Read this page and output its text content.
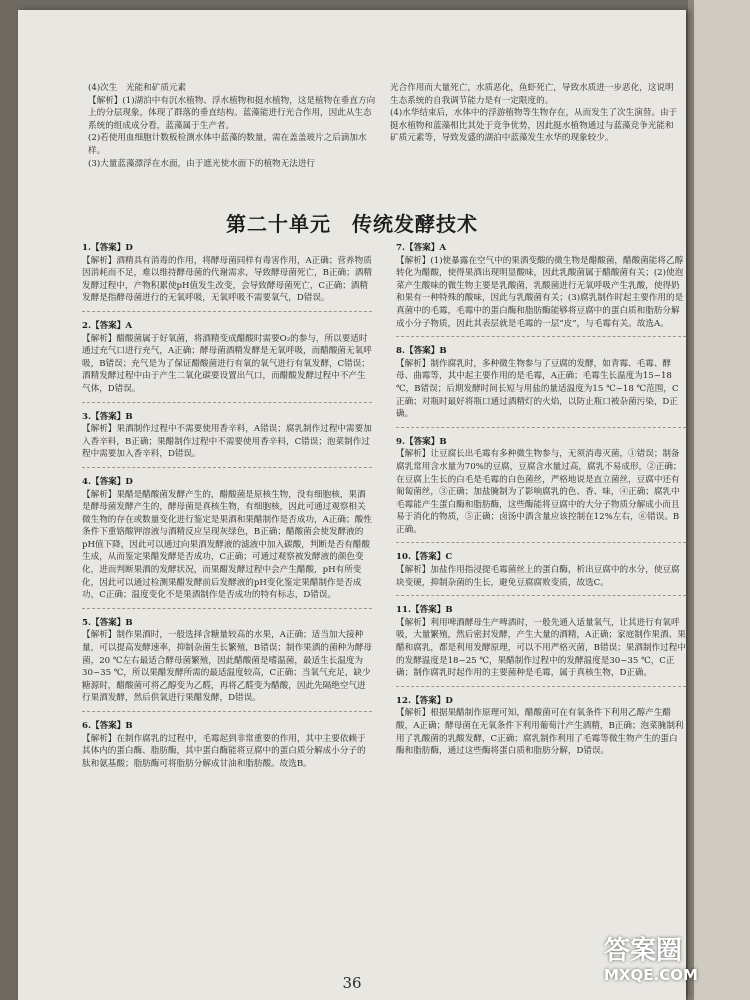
(4)次生　光能和矿质元素
【解析】(1)湖泊中有沉水植物、浮水植物和挺水植物，这是植物在垂直方向上的分层现象，体现了群落的垂直结构。蓝藻能进行光合作用，因此从生态系统的组成成分看，蓝藻属于生产者。
(2)若使用血细胞计数板检测水体中蓝藻的数量，需在盖盖玻片之后滴加水样。
(3)大量蓝藻漂浮在水面，由于遮光使水面下的植物无法进行
光合作用而大量死亡，水质恶化，鱼虾死亡，导致水质进一步恶化，这说明生态系统的自我调节能力是有一定限度的。
(4)水华结束后，水体中的浮游植物等生物存在，从而发生了次生演替。由于挺水植物和蓝藻相比其处于竞争优势，因此挺水植物通过与蓝藻竞争光能和矿质元素等，导致发盛的湖泊中蓝藻发生水华的现象较少。
第二十单元　传统发酵技术
1.【答案】D
【解析】酒精具有消毒的作用，将酵母菌同样有毒害作用，A正确；营养物质因消耗而不足，难以维持酵母菌的代谢需求，导致酵母菌死亡，B正确；酒精发酵过程中，产物积累使pH值发生改变，会导致酵母菌死亡，C正确；酒精发酵是指酵母菌进行的无氧呼吸，无氧呼吸不需要氧气，D错误。
2.【答案】A
【解析】醋酸菌属于好氧菌，将酒精变成醋酸时需要O₂的参与，所以要适时通过充气口进行充气，A正确；酵母菌酒精发酵是无氧呼吸，而醋酸菌无氧呼吸，B错误；充气是为了保证醋酸菌进行有氧的氧气进行有氧发酵，C错误；酒精发酵过程中由于产生二氧化碳要设置出气口，而醋酸发酵过程中不产生气体，D错误。
3.【答案】B
【解析】果酒制作过程中不需要使用香辛料，A错误；腐乳制作过程中需要加入香辛料，B正确；果醋制作过程中不需要使用香辛料，C错误；泡菜制作过程中需要加入香辛料，D错误。
4.【答案】D
【解析】果醋是醋酸菌发酵产生的，醋酸菌是原核生物，没有细胞核，果酒是酵母菌发酵产生的，酵母菌是真核生物，有细胞核，因此可通过观察相关微生物的存在或数量变化进行鉴定是果酒和果醋制作是否成功，A正确；酸性条件下重铬酸钾溶液与酒精反应呈现灰绿色，B正确；醋酸菌会使发酵液的pH值下降，因此可以通过向果酒发酵液的滤液中加入碳酸，判断是否有醋酸生成，从而鉴定果醋发酵是否成功，C正确；可通过观察被发酵液的颜色变化，进而判断果酒的发酵状况，而果醋发酵过程中会产生醋酸，pH有所变化，因此可以通过检测果醋发酵前后发酵液的pH变化鉴定果醋制作是否成功，C正确；温度变化不是果酒制作是否成功的特有标志，D错误。
5.【答案】B
【解析】制作果酒时，一般选择含糖量较高的水果，A正确；适当加大接种量，可以提高发酵速率，抑制杂菌生长繁殖，B错误；制作果酒的菌种为酵母菌，20 ℃左右最适合酵母菌繁殖，因此醋酸菌是嗜温菌，最适生长温度为30~35 ℃，所以果醋发酵所需的最适温度较高，C正确；当氧气充足，缺少糖源时，醋酸菌可将乙醇变为乙醛，再将乙醛变为醋酸，因此先隔绝空气进行果酒发酵，然后供氧进行果醋发酵，D错误。
6.【答案】B
【解析】在制作腐乳的过程中，毛霉起到非常重要的作用，其中主要依赖于其体内的蛋白酶、脂肪酶，其中蛋白酶能将豆腐中的蛋白质分解成小分子的肽和氨基酸；脂肪酶可将脂肪分解成甘油和脂肪酸。故选B。
7.【答案】A
【解析】(1)使暴露在空气中的果酒变酸的微生物是醋酸菌，醋酸菌能将乙醇转化为醋酸，使得果酒出现明显酸味，因此乳酸菌属于醋酸菌有关；(2)使泡菜产生酸味的微生物主要是乳酸菌，乳酸菌进行无氧呼吸产生乳酸，使得奶和果有一种特殊的酸味，因此与乳酸菌有关；(3)腐乳制作时起主要作用的是真菌中的毛霉，毛霉中的蛋白酶和脂肪酶能够将豆腐中的蛋白质和脂肪分解成小分子物质，因此其表层就是毛霉的一层“皮”，与毛霉有关。故选A。
8.【答案】B
【解析】制作腐乳时，多种微生物参与了豆腐的发酵，如青霉、毛霉、酵母、曲霉等，其中起主要作用的是毛霉，A正确；毛霉生长温度为15~18 ℃，B错误；后期发酵时间长短与用盐的量适温度为15 ℃~18 ℃范围，C正确；对瓶时最好将瓶口通过酒精灯的火焰，以防止瓶口被杂菌污染，D正确。
9.【答案】B
【解析】让豆腐长出毛霉有多种微生物参与，无须消毒灭菌，①错误；制备腐乳常用含水量为70%的豆腐，豆腐含水量过高，腐乳不易成形，②正确；在豆腐上生长的白毛是毛霉的白色菌丝，严格地说是直立菌丝，豆腐中还有匍匐菌丝，③正确；加盐腌制为了影响腐乳的色、香、味，④正确；腐乳中毛霉能产生蛋白酶和脂肪酶，这些酶能将豆腐中的大分子物质分解成小而且易于消化的物质，⑤正确；卤汤中酒含量应该控制在12%左右，⑥错误。B正确。
10.【答案】C
【解析】加盐作用指浸提毛霉菌丝上的蛋白酶，析出豆腐中的水分，使豆腐块变硬，抑制杂菌的生长，避免豆腐腐败变质，故选C。
11.【答案】B
【解析】利用啤酒酵母生产啤酒时，一般先通入适量氧气，让其进行有氧呼吸，大量繁殖，然后密封发酵，产生大量的酒精，A正确；家庭制作果酒、果醋和腐乳，都是利用发酵原理，可以不用严格灭菌，B错误；果酒制作过程中的发酵温度是18~25 ℃，果醋制作过程中的发酵温度是30~35 ℃，C正确；制作腐乳时起作用的主要菌种是毛霉，属于真核生物，D正确。
12.【答案】D
【解析】根据果醋制作原理可知，醋酸菌可在有氧条件下利用乙醇产生醋酸，A正确；酵母菌在无氧条件下利用葡萄汁产生酒精，B正确；泡菜腌制利用了乳酸菌的乳酸发酵，C正确；腐乳制作利用了毛霉等微生物产生的蛋白酶和脂肪酶，通过这些酶将蛋白质和脂肪分解，D错误。
36
答案圈
MXQE.COM
